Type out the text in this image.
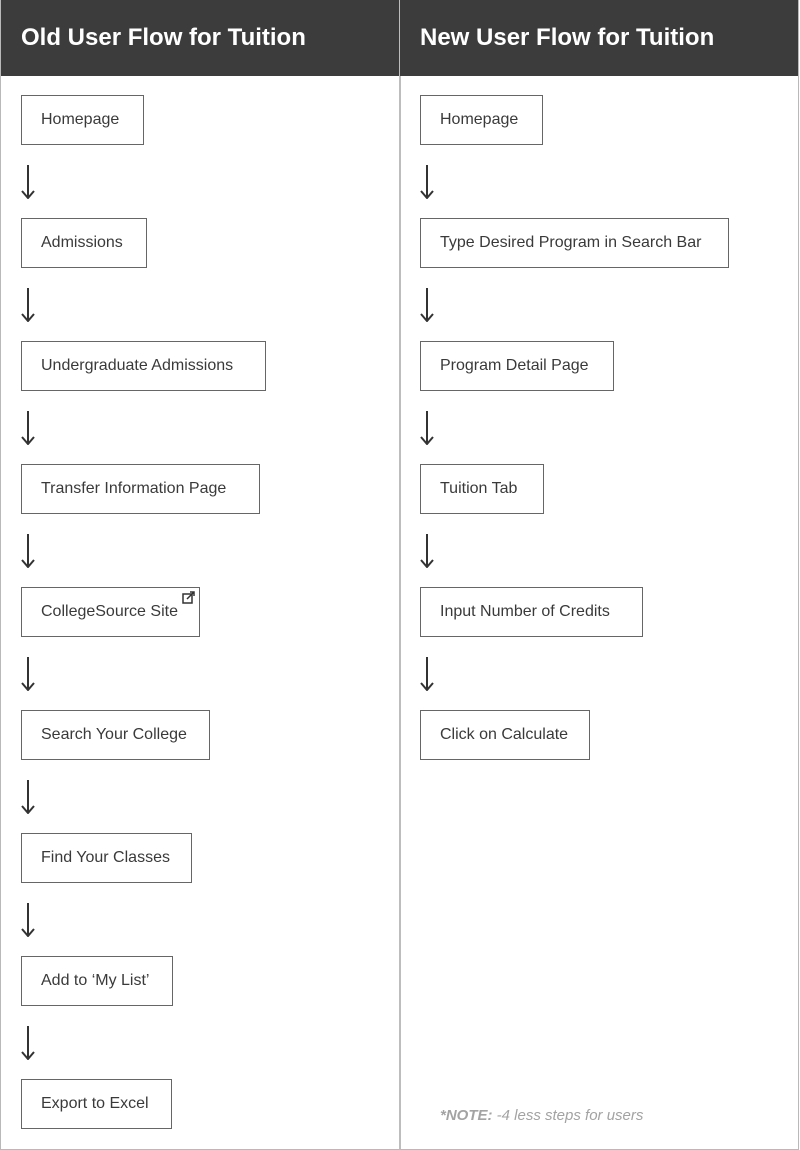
Old User Flow for Tuition
Homepage
Admissions
Undergraduate Admissions
Transfer Information Page
CollegeSource Site
Search Your College
Find Your Classes
Add to ‘My List’
Export to Excel
New User Flow for Tuition
Homepage
Type Desired Program in Search Bar
Program Detail Page
Tuition Tab
Input Number of Credits
Click on Calculate
*NOTE: -4 less steps for users
